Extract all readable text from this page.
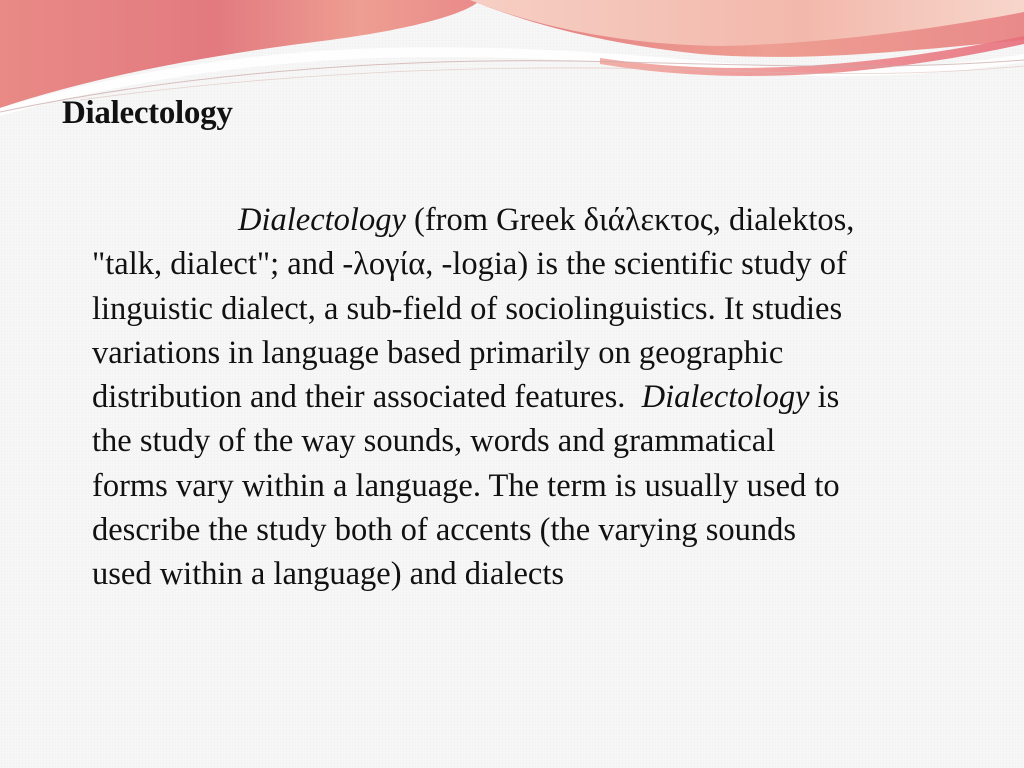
Dialectology
Dialectology (from Greek διάλεκτος, dialektos,
"talk, dialect"; and -λογία, -logia) is the scientific study of
linguistic dialect, a sub-field of sociolinguistics. It studies
variations in language based primarily on geographic
distribution and their associated features.  Dialectology is
the study of the way sounds, words and grammatical
forms vary within a language. The term is usually used to
describe the study both of accents (the varying sounds
used within a language) and dialects
